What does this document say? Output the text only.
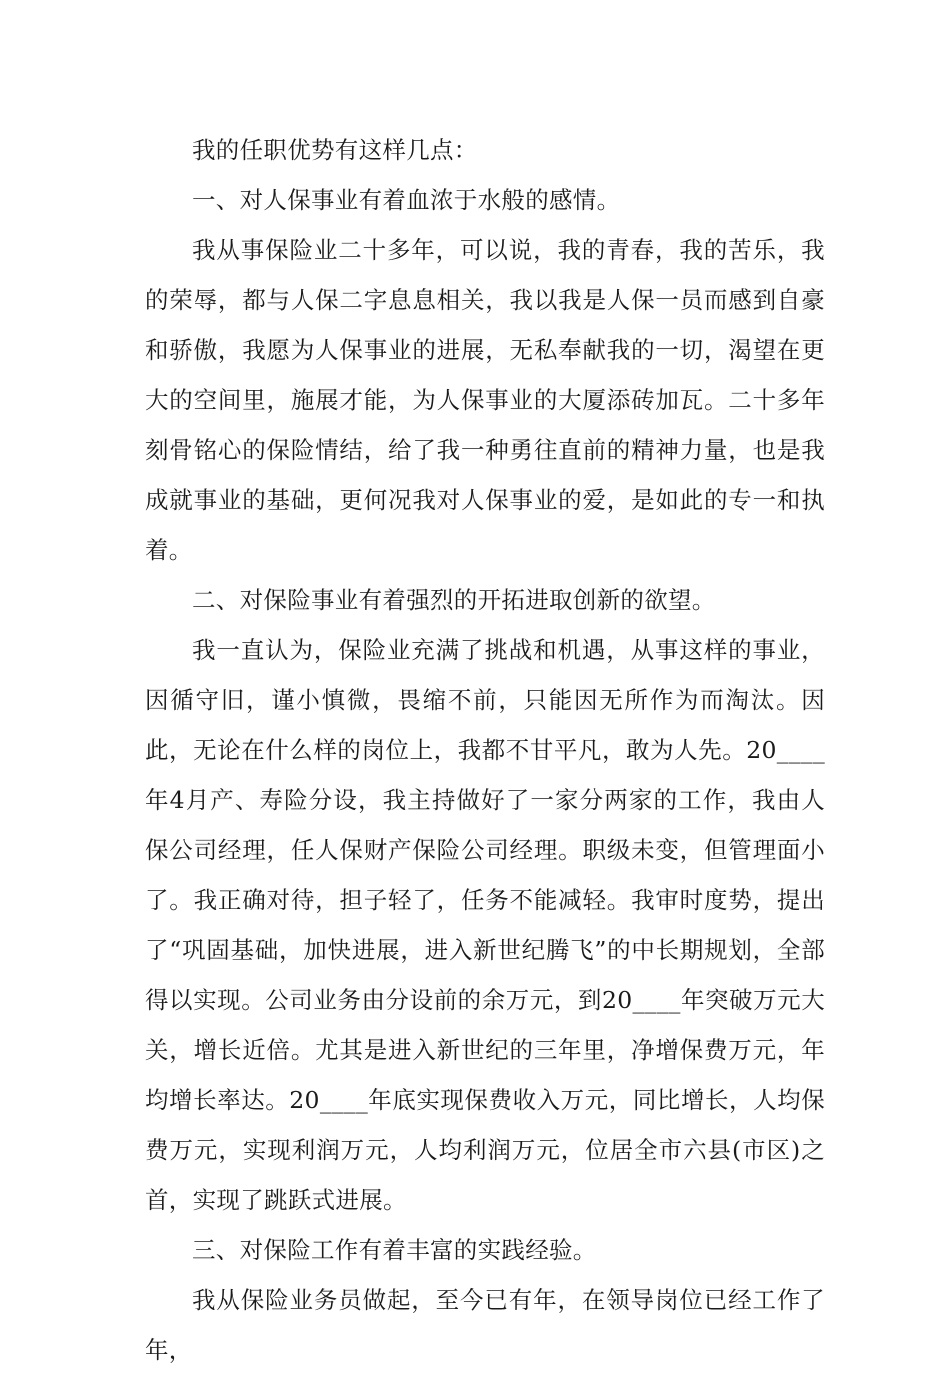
我的任职优势有这样几点：

一、对人保事业有着血浓于水般的感情。

我从事保险业二十多年，可以说，我的青春，我的苦乐，我的荣辱，都与人保二字息息相关，我以我是人保一员而感到自豪和骄傲，我愿为人保事业的进展，无私奉献我的一切，渴望在更大的空间里，施展才能，为人保事业的大厦添砖加瓦。二十多年刻骨铭心的保险情结，给了我一种勇往直前的精神力量，也是我成就事业的基础，更何况我对人保事业的爱，是如此的专一和执着。

二、对保险事业有着强烈的开拓进取创新的欲望。

我一直认为，保险业充满了挑战和机遇，从事这样的事业，因循守旧，谨小慎微，畏缩不前，只能因无所作为而淘汰。因此，无论在什么样的岗位上，我都不甘平凡，敢为人先。20____年4月产、寿险分设，我主持做好了一家分两家的工作，我由人保公司经理，任人保财产保险公司经理。职级未变，但管理面小了。我正确对待，担子轻了，任务不能减轻。我审时度势，提出了“巩固基础，加快进展，进入新世纪腾飞”的中长期规划，全部得以实现。公司业务由分设前的余万元，到20____年突破万元大关，增长近倍。尤其是进入新世纪的三年里，净增保费万元，年均增长率达。20____年底实现保费收入万元，同比增长，人均保费万元，实现利润万元，人均利润万元，位居全市六县(市区)之首，实现了跳跃式进展。

三、对保险工作有着丰富的实践经验。

我从保险业务员做起，至今已有年，在领导岗位已经工作了年，
